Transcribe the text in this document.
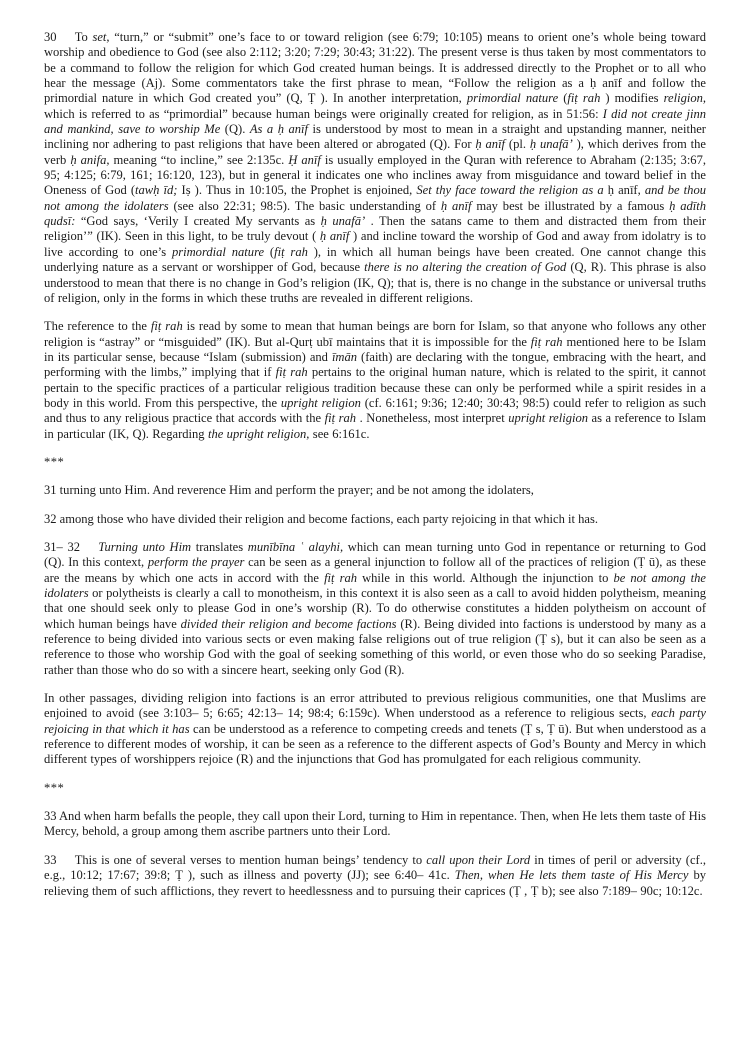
30 To set, “turn,” or “submit” one’s face to or toward religion (see 6:79; 10:105) means to orient one’s whole being toward worship and obedience to God (see also 2:112; 3:20; 7:29; 30:43; 31:22). The present verse is thus taken by most commentators to be a command to follow the religion for which God created human beings. It is addressed directly to the Prophet or to all who hear the message (Aj). Some commentators take the first phrase to mean, “Follow the religion as a ḥ anīf and follow the primordial nature in which God created you” (Q, Ṭ ). In another interpretation, primordial nature (fiṭ rah ) modifies religion, which is referred to as “primordial” because human beings were originally created for religion, as in 51:56: I did not create jinn and mankind, save to worship Me (Q). As a ḥ anīf is understood by most to mean in a straight and upstanding manner, neither inclining nor adhering to past religions that have been altered or abrogated (Q). For ḥ anīf (pl. ḥ unafāʼ ), which derives from the verb ḥ anifa, meaning “to incline,” see 2:135c. Ḥ anīf is usually employed in the Quran with reference to Abraham (2:135; 3:67, 95; 4:125; 6:79, 161; 16:120, 123), but in general it indicates one who inclines away from misguidance and toward belief in the Oneness of God (tawḥ īd; Iṣ ). Thus in 10:105, the Prophet is enjoined, Set thy face toward the religion as a ḥ anīf, and be thou not among the idolaters (see also 22:31; 98:5). The basic understanding of ḥ anīf may best be illustrated by a famous ḥ adīth qudsī: “God says, ‘Verily I created My servants as ḥ unafāʼ . Then the satans came to them and distracted them from their religion’” (IK). Seen in this light, to be truly devout ( ḥ anīf ) and incline toward the worship of God and away from idolatry is to live according to one’s primordial nature (fiṭ rah ), in which all human beings have been created. One cannot change this underlying nature as a servant or worshipper of God, because there is no altering the creation of God (Q, R). This phrase is also understood to mean that there is no change in God’s religion (IK, Q); that is, there is no change in the substance or universal truths of religion, only in the forms in which these truths are revealed in different religions.

The reference to the fiṭ rah is read by some to mean that human beings are born for Islam, so that anyone who follows any other religion is “astray” or “misguided” (IK). But al-Qurṭ ubī maintains that it is impossible for the fiṭ rah mentioned here to be Islam in its particular sense, because “Islam (submission) and īmān (faith) are declaring with the tongue, embracing with the heart, and performing with the limbs,” implying that if fiṭ rah pertains to the original human nature, which is related to the spirit, it cannot pertain to the specific practices of a particular religious tradition because these can only be performed while a spirit resides in a body in this world. From this perspective, the upright religion (cf. 6:161; 9:36; 12:40; 30:43; 98:5) could refer to religion as such and thus to any religious practice that accords with the fiṭ rah . Nonetheless, most interpret upright religion as a reference to Islam in particular (IK, Q). Regarding the upright religion, see 6:161c.

***

31 turning unto Him. And reverence Him and perform the prayer; and be not among the idolaters,

32 among those who have divided their religion and become factions, each party rejoicing in that which it has.

31– 32 Turning unto Him translates munībīna ʿ alayhi, which can mean turning unto God in repentance or returning to God (Q). In this context, perform the prayer can be seen as a general injunction to follow all of the practices of religion (Ṭ ū), as these are the means by which one acts in accord with the fiṭ rah while in this world. Although the injunction to be not among the idolaters or polytheists is clearly a call to monotheism, in this context it is also seen as a call to avoid hidden polytheism, meaning that one should seek only to please God in one’s worship (R). To do otherwise constitutes a hidden polytheism on account of which human beings have divided their religion and become factions (R). Being divided into factions is understood by many as a reference to being divided into various sects or even making false religions out of true religion (Ṭ s), but it can also be seen as a reference to those who worship God with the goal of seeking something of this world, or even those who do so seeking Paradise, rather than those who do so with a sincere heart, seeking only God (R).

In other passages, dividing religion into factions is an error attributed to previous religious communities, one that Muslims are enjoined to avoid (see 3:103– 5; 6:65; 42:13– 14; 98:4; 6:159c). When understood as a reference to religious sects, each party rejoicing in that which it has can be understood as a reference to competing creeds and tenets (Ṭ s, Ṭ ū). But when understood as a reference to different modes of worship, it can be seen as a reference to the different aspects of God’s Bounty and Mercy in which different types of worshippers rejoice (R) and the injunctions that God has promulgated for each religious community.

***

33 And when harm befalls the people, they call upon their Lord, turning to Him in repentance. Then, when He lets them taste of His Mercy, behold, a group among them ascribe partners unto their Lord.

33 This is one of several verses to mention human beings’ tendency to call upon their Lord in times of peril or adversity (cf., e.g., 10:12; 17:67; 39:8; Ṭ ), such as illness and poverty (JJ); see 6:40– 41c. Then, when He lets them taste of His Mercy by relieving them of such afflictions, they revert to heedlessness and to pursuing their caprices (Ṭ , Ṭ b); see also 7:189– 90c; 10:12c.
